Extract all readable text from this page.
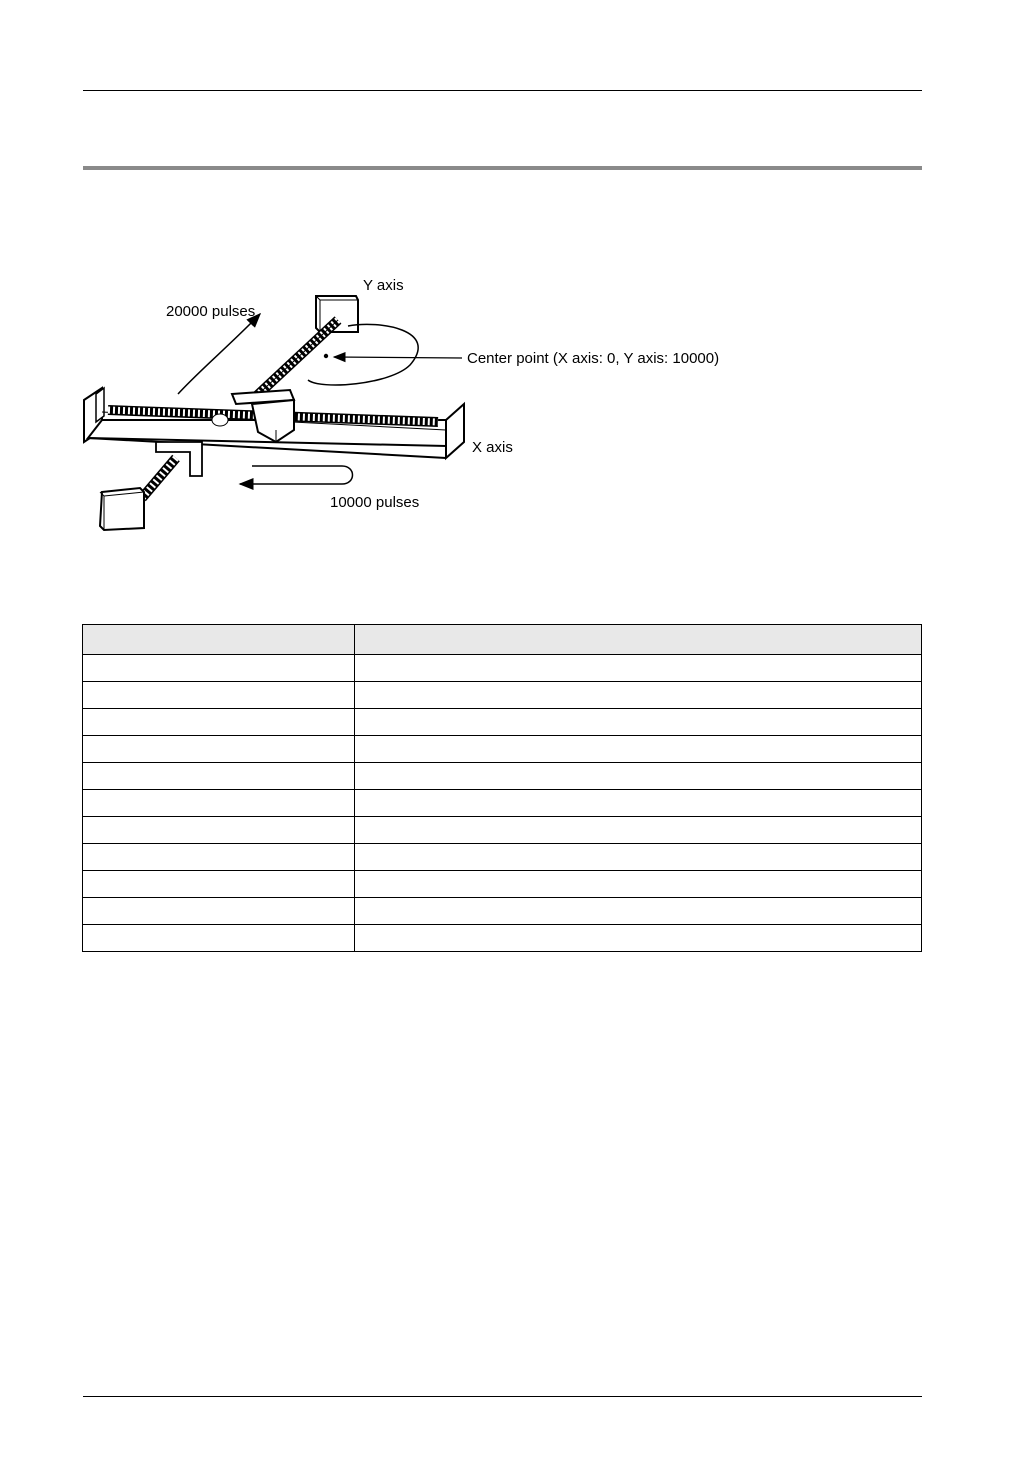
Y axis
20000 pulses
Center point (X axis: 0, Y axis: 10000)
X axis
10000 pulses
